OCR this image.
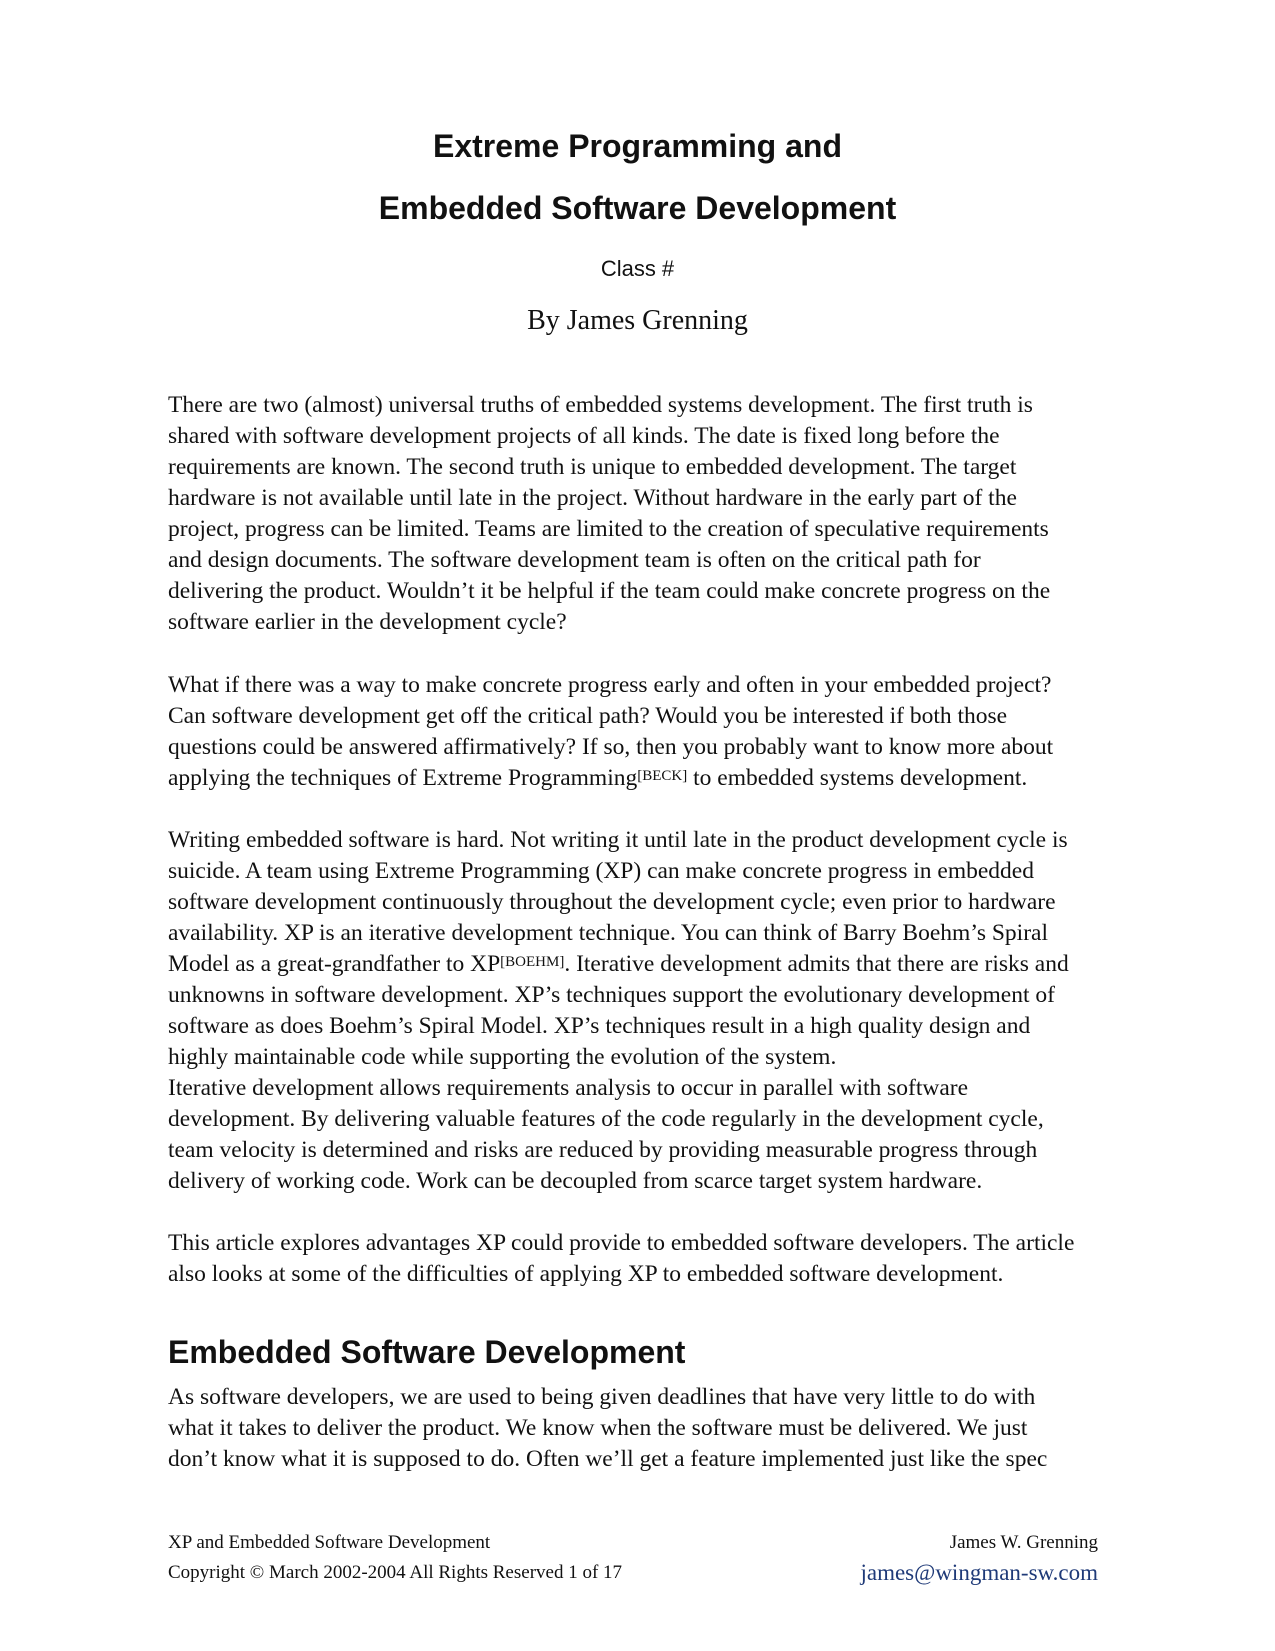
Extreme Programming and
Embedded Software Development
Class #
By James Grenning
There are two (almost) universal truths of embedded systems development. The first truth is
shared with software development projects of all kinds. The date is fixed long before the
requirements are known. The second truth is unique to embedded development. The target
hardware is not available until late in the project. Without hardware in the early part of the
project, progress can be limited. Teams are limited to the creation of speculative requirements
and design documents. The software development team is often on the critical path for
delivering the product. Wouldn’t it be helpful if the team could make concrete progress on the
software earlier in the development cycle?
What if there was a way to make concrete progress early and often in your embedded project?
Can software development get off the critical path? Would you be interested if both those
questions could be answered affirmatively? If so, then you probably want to know more about
applying the techniques of Extreme Programming[BECK] to embedded systems development.
Writing embedded software is hard. Not writing it until late in the product development cycle is
suicide. A team using Extreme Programming (XP) can make concrete progress in embedded
software development continuously throughout the development cycle; even prior to hardware
availability. XP is an iterative development technique. You can think of Barry Boehm’s Spiral
Model as a great-grandfather to XP[BOEHM]. Iterative development admits that there are risks and
unknowns in software development. XP’s techniques support the evolutionary development of
software as does Boehm’s Spiral Model. XP’s techniques result in a high quality design and
highly maintainable code while supporting the evolution of the system.
Iterative development allows requirements analysis to occur in parallel with software
development. By delivering valuable features of the code regularly in the development cycle,
team velocity is determined and risks are reduced by providing measurable progress through
delivery of working code. Work can be decoupled from scarce target system hardware.
This article explores advantages XP could provide to embedded software developers. The article
also looks at some of the difficulties of applying XP to embedded software development.
Embedded Software Development
As software developers, we are used to being given deadlines that have very little to do with
what it takes to deliver the product. We know when the software must be delivered. We just
don’t know what it is supposed to do. Often we’ll get a feature implemented just like the spec
XP and Embedded Software Development
Copyright © March 2002-2004 All Rights Reserved 1 of 17
James W. Grenning
james@wingman-sw.com
